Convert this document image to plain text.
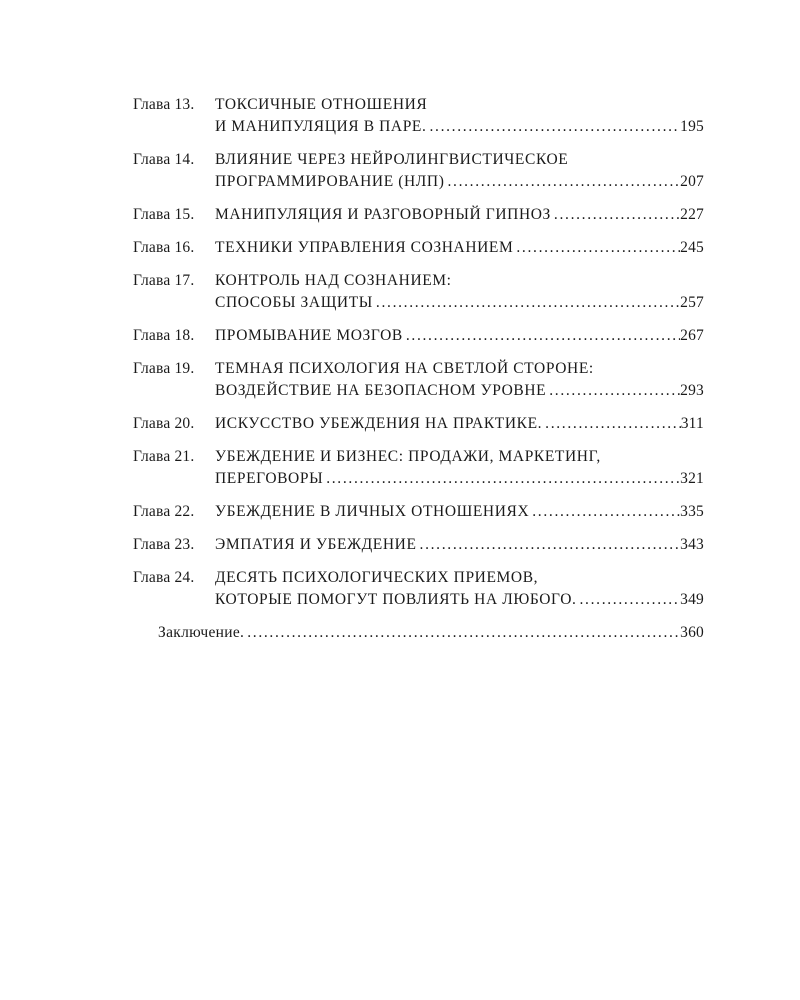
Глава 13.	ТОКСИЧНЫЕ ОТНОШЕНИЯ
И МАНИПУЛЯЦИЯ В ПАРЕ. . . .	195
Глава 14.	ВЛИЯНИЕ ЧЕРЕЗ НЕЙРОЛИНГВИСТИЧЕСКОЕ
ПРОГРАММИРОВАНИЕ (НЛП) . . .	207
Глава 15.	МАНИПУЛЯЦИЯ И РАЗГОВОРНЫЙ ГИПНОЗ . . .	227
Глава 16.	ТЕХНИКИ УПРАВЛЕНИЯ СОЗНАНИЕМ . . .	245
Глава 17.	КОНТРОЛЬ НАД СОЗНАНИЕМ:
СПОСОБЫ ЗАЩИТЫ . . .	257
Глава 18.	ПРОМЫВАНИЕ МОЗГОВ . . .	267
Глава 19.	ТЕМНАЯ ПСИХОЛОГИЯ НА СВЕТЛОЙ СТОРОНЕ:
ВОЗДЕЙСТВИЕ НА БЕЗОПАСНОМ УРОВНЕ . . .	293
Глава 20.	ИСКУССТВО УБЕЖДЕНИЯ НА ПРАКТИКЕ. . . .	311
Глава 21.	УБЕЖДЕНИЕ И БИЗНЕС: ПРОДАЖИ, МАРКЕТИНГ,
ПЕРЕГОВОРЫ . . .	321
Глава 22.	УБЕЖДЕНИЕ В ЛИЧНЫХ ОТНОШЕНИЯХ . . .	335
Глава 23.	ЭМПАТИЯ И УБЕЖДЕНИЕ . . .	343
Глава 24.	ДЕСЯТЬ ПСИХОЛОГИЧЕСКИХ ПРИЕМОВ,
КОТОРЫЕ ПОМОГУТ ПОВЛИЯТЬ НА ЛЮБОГО. . . .	349
Заключение. . . .	360
